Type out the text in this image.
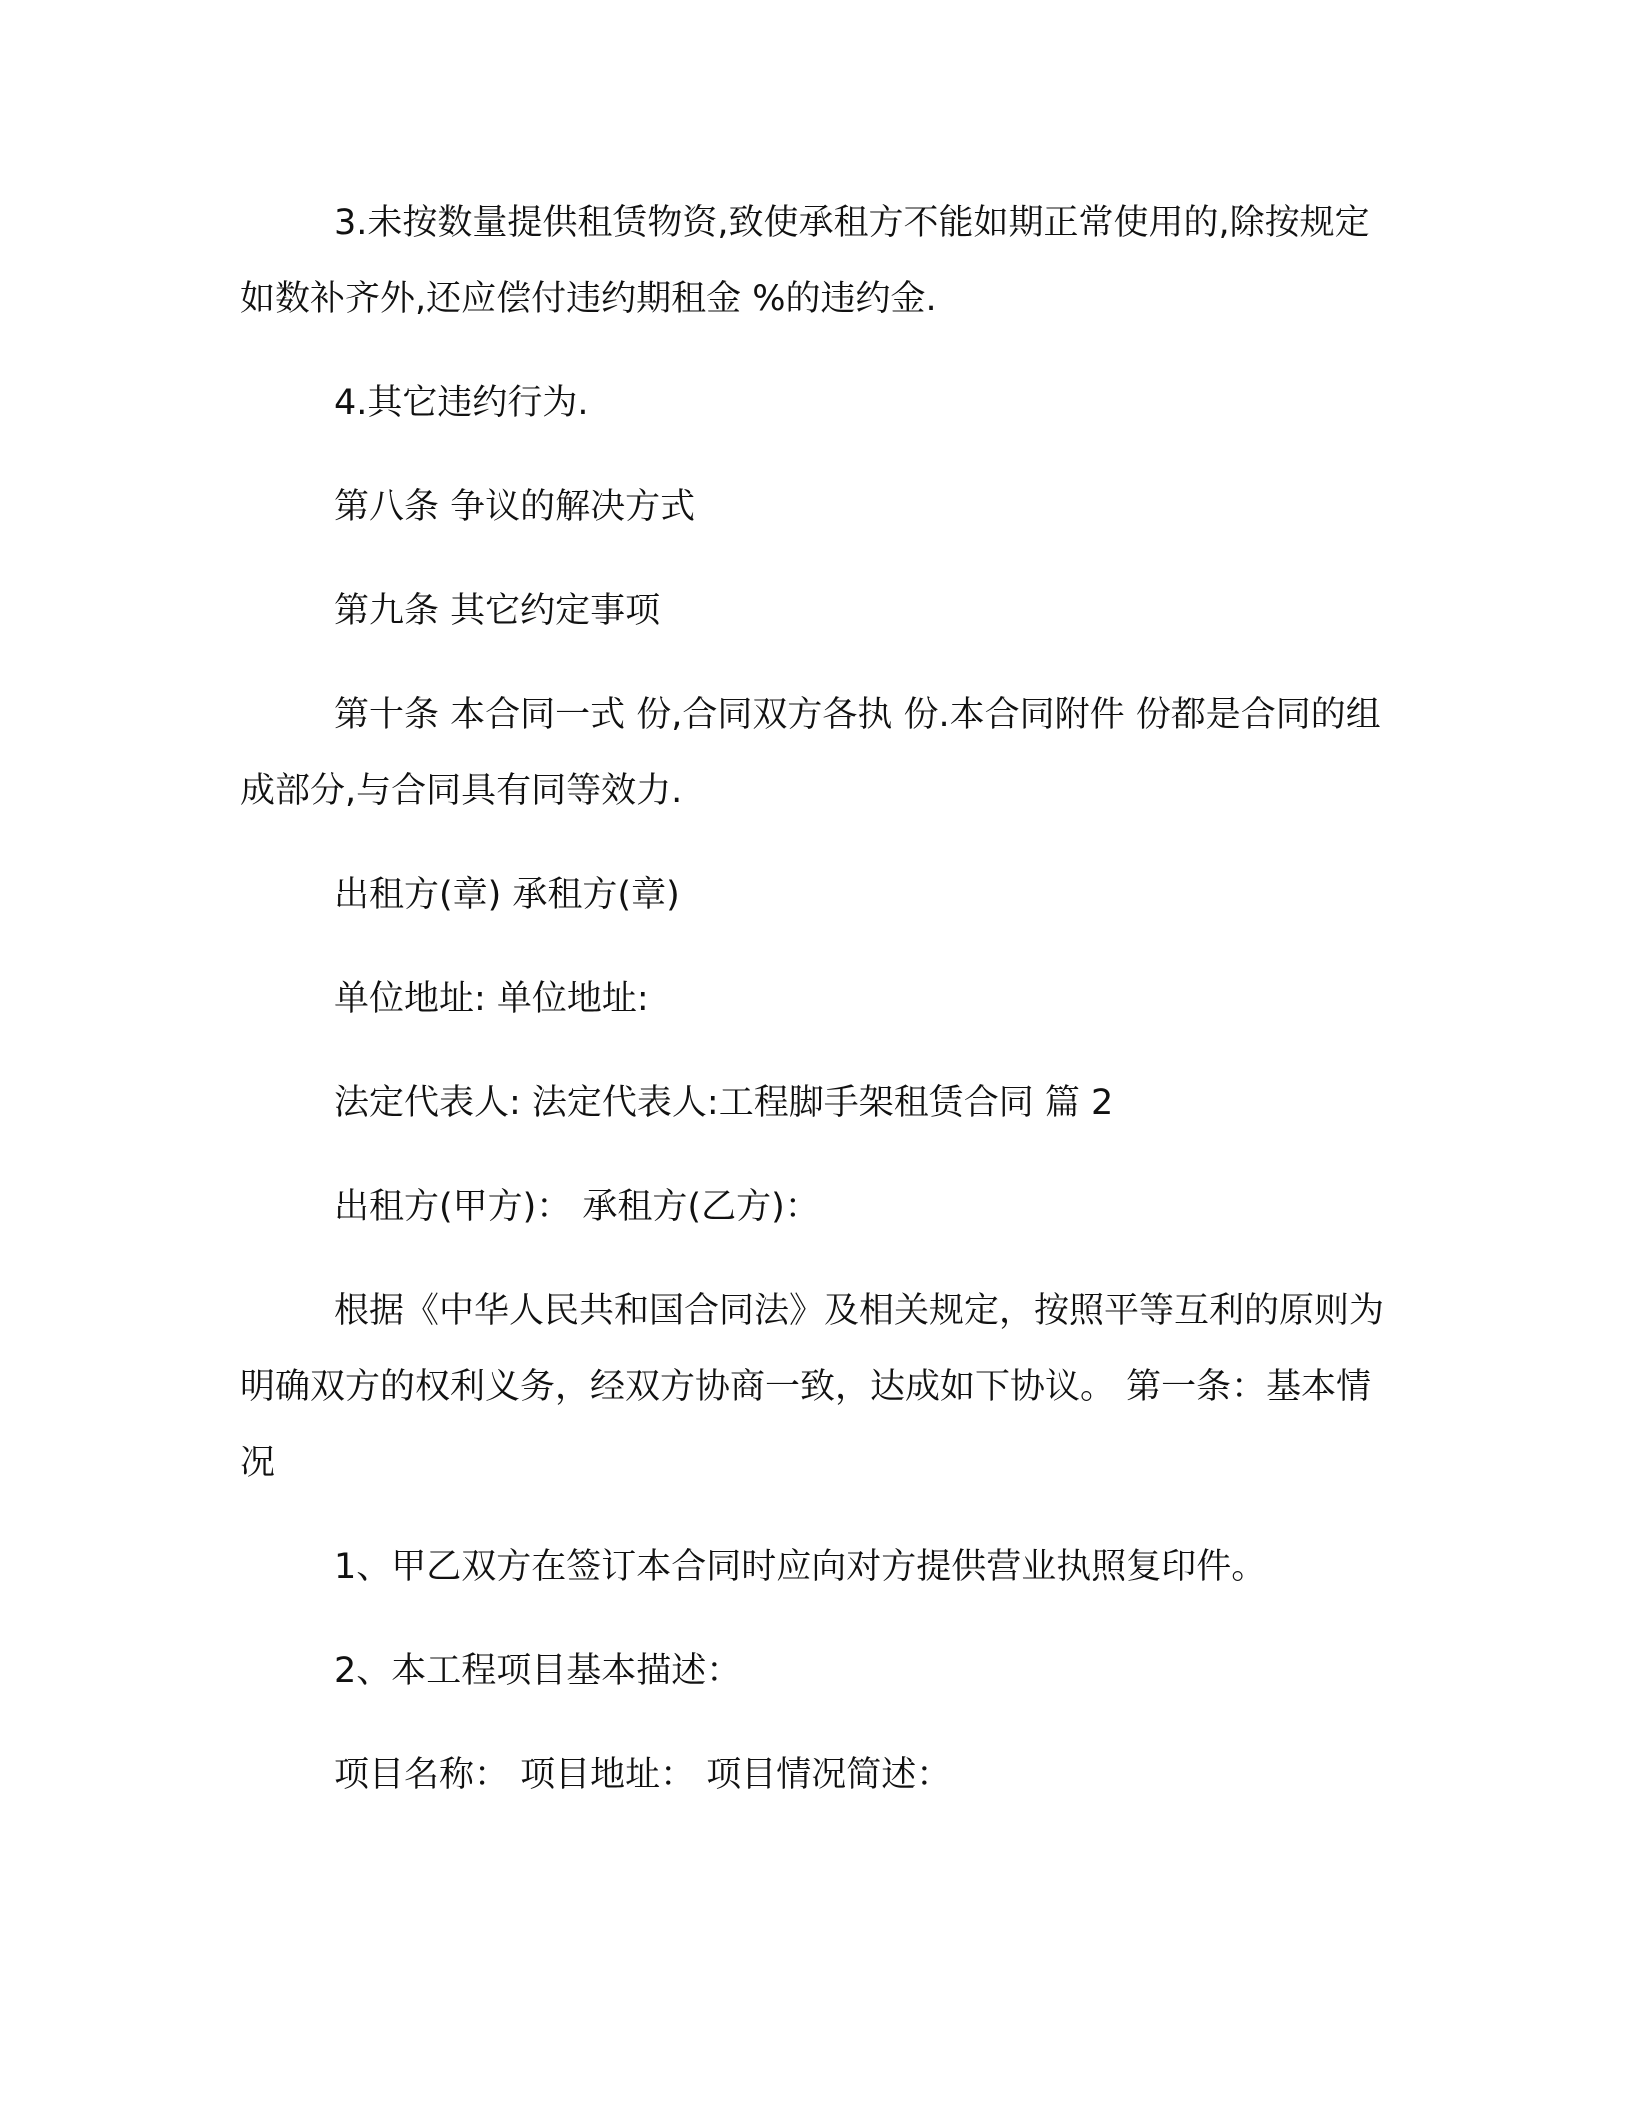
3.未按数量提供租赁物资,致使承租方不能如期正常使用的,除按规定如数补齐外,还应偿付违约期租金 %的违约金.

4.其它违约行为.

第八条 争议的解决方式

第九条 其它约定事项

第十条 本合同一式 份,合同双方各执 份.本合同附件 份都是合同的组成部分,与合同具有同等效力.

出租方(章) 承租方(章)

单位地址: 单位地址:

法定代表人: 法定代表人:工程脚手架租赁合同 篇 2

出租方(甲方)： 承租方(乙方)：

根据《中华人民共和国合同法》及相关规定，按照平等互利的原则为明确双方的权利义务，经双方协商一致，达成如下协议。 第一条：基本情况

1、甲乙双方在签订本合同时应向对方提供营业执照复印件。

2、本工程项目基本描述：

项目名称： 项目地址： 项目情况简述：
